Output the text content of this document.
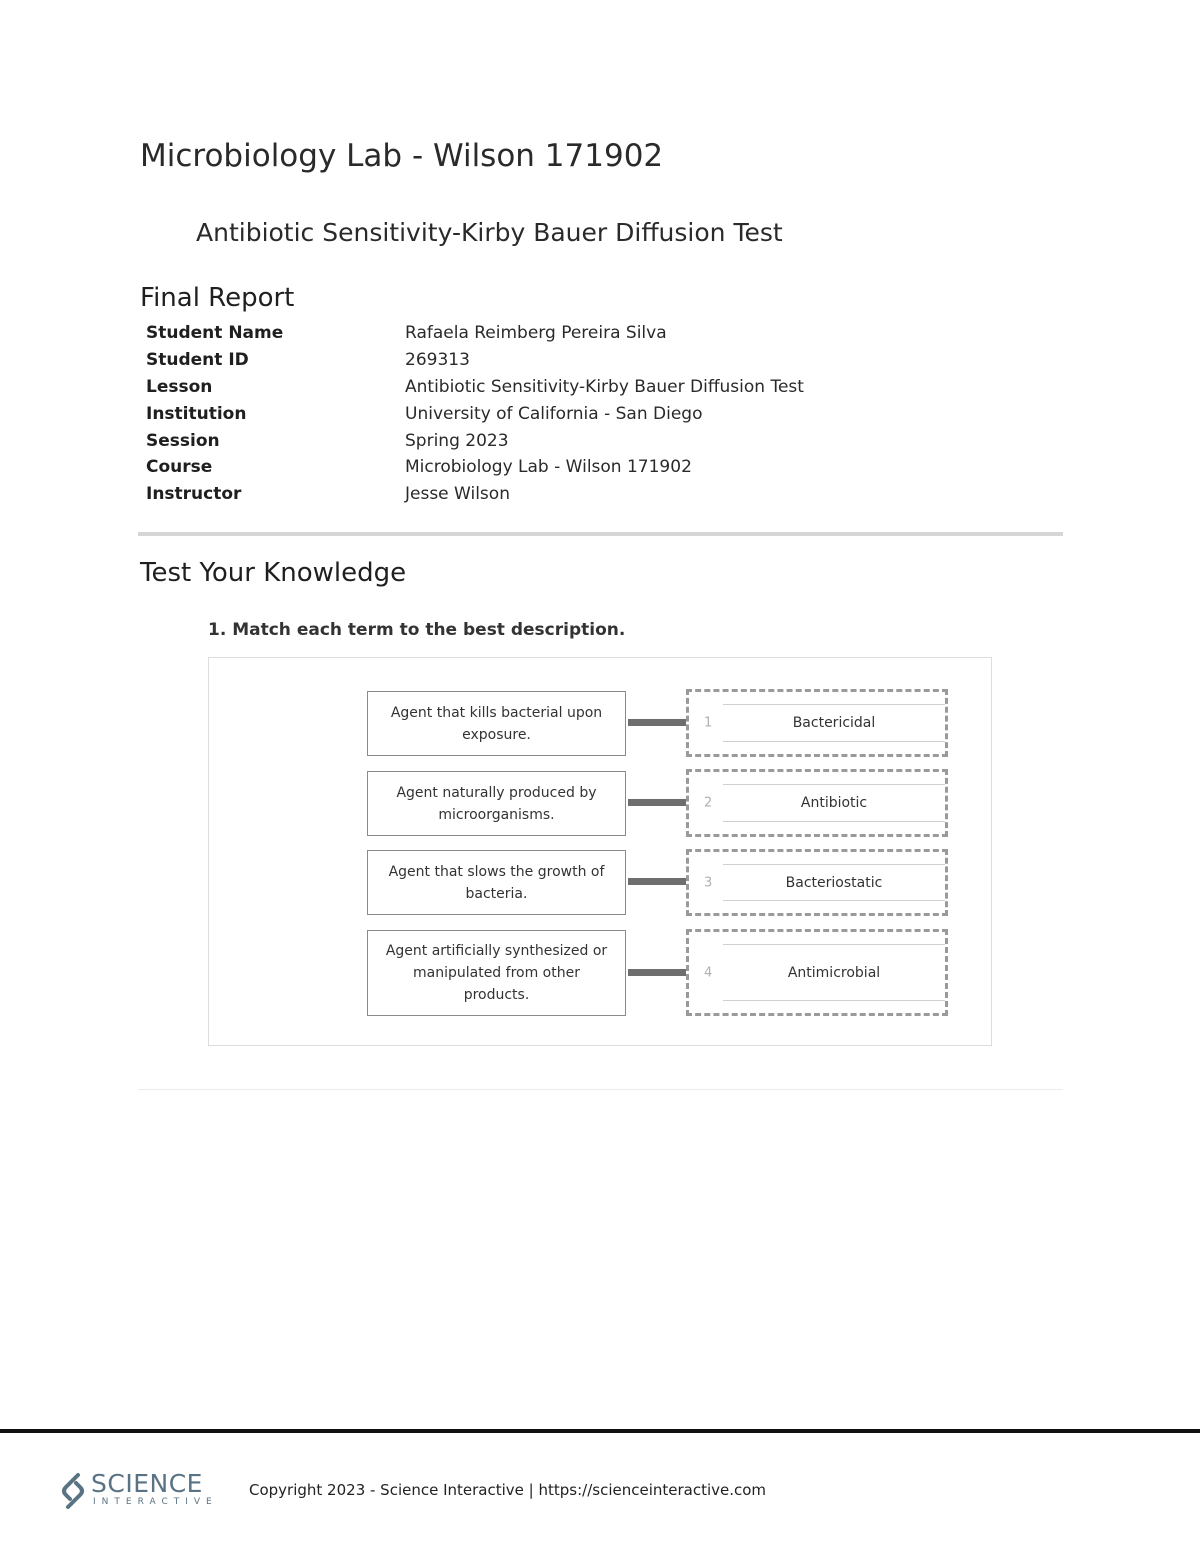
Microbiology Lab - Wilson 171902
Antibiotic Sensitivity-Kirby Bauer Diffusion Test
Final Report
Student Name	Rafaela Reimberg Pereira Silva
Student ID	269313
Lesson	Antibiotic Sensitivity-Kirby Bauer Diffusion Test
Institution	University of California - San Diego
Session	Spring 2023
Course	Microbiology Lab - Wilson 171902
Instructor	Jesse Wilson
Test Your Knowledge
1. Match each term to the best description.
Agent that kills bacterial upon exposure.
1	Bactericidal
Agent naturally produced by microorganisms.
2	Antibiotic
Agent that slows the growth of bacteria.
3	Bacteriostatic
Agent artificially synthesized or manipulated from other products.
4	Antimicrobial
SCIENCE
INTERACTIVE
Copyright 2023 - Science Interactive | https://scienceinteractive.com
